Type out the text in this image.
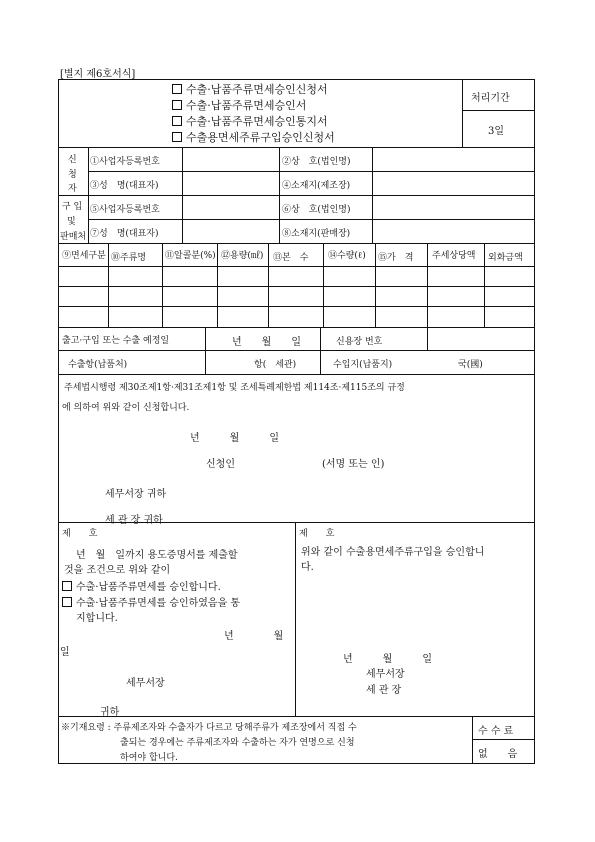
[별지 제6호서식]
수출·납품주류면세승인신청서
수출·납품주류면세승인서
수출·납품주류면세승인통지서
수출용면세주류구입승인신청서
처리기간
3일
신
청
자
①사업자등록번호	②상　호(법인명)
③성　명(대표자)	④소재지(제조장)
구 입
및
판매처
⑤사업자등록번호	⑥상　호(법인명)
⑦성　명(대표자)	⑧소재지(판매장)
⑨면세구분 ⑩주류명 ⑪알콜분(%) ⑫용량(㎖) ⑬본　수 ⑭수량(ℓ) ⑮가　격 주세상당액 외화금액
출고·구입 또는 수출 예정일	년　　월　　일	신용장 번호
수출항(납품처)	항(　세관)	수입지(납품지)	국(國)
주세법시행령 제30조제1항·제31조제1항 및 조세특례제한법 제114조·제115조의 규정
에 의하여 위와 같이 신청합니다.
년　　　월　　　일
신청인	(서명 또는 인)
세무서장 귀하
세 관 장 귀하
제　　호
년　월　일까지 용도증명서를 제출할
것을 조건으로 위와 같이
수출·납품주류면세를 승인합니다.
수출·납품주류면세를 승인하였음을 통
지합니다.
년　　　　월
일
세무서장
귀하
제　　호
위와 같이 수출용면세주류구입을 승인합니
다.
년　　　월　　　일
세무서장
세 관 장
※기재요령 : 주류제조자와 수출자가 다르고 당해주류가 제조장에서 직접 수
출되는 경우에는 주류제조자와 수출하는 자가 연명으로 신청
하여야 합니다.
수 수 료
없　　음
